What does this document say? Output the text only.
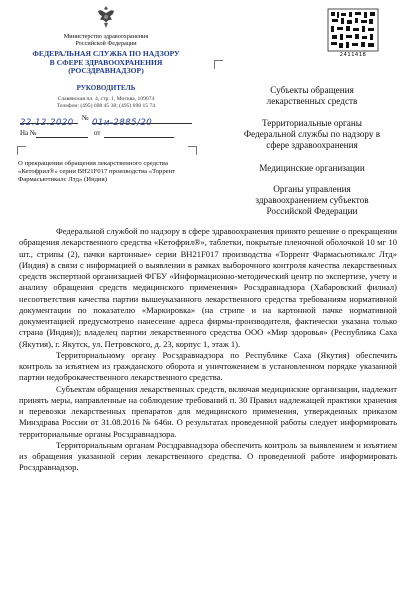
Министерство здравоохранения
Российской Федерации
ФЕДЕРАЛЬНАЯ СЛУЖБА ПО НАДЗОРУ
В СФЕРЕ ЗДРАВООХРАНЕНИЯ
(РОСЗДРАВНАДЗОР)
РУКОВОДИТЕЛЬ
Славянская пл. 4, стр. 1, Москва, 109074
Телефон: (495) 698 45 38; (495) 698 15 74
22.12.2020	№ 01и-2885/20
На №	от
О прекращении обращения лекарственного средства «Кетофрил®» серии BH21F017 производства «Торрент Фармасьютикалс Лтд» (Индия)
2411418
Субъекты обращения
лекарственных средств
Территориальные органы
Федеральной службы по надзору в
сфере здравоохранения
Медицинские организации
Органы управления
здравоохранением субъектов
Российской Федерации

Федеральной службой по надзору в сфере здравоохранения принято решение о прекращении обращения лекарственного средства «Кетофрил®», таблетки, покрытые пленочной оболочкой 10 мг 10 шт., стрипы (2), пачки картонные» серии BH21F017 производства «Торрент Фармасьютикалс Лтд» (Индия) в связи с информацией о выявлении в рамках выборочного контроля качества лекарственных средств экспертной организацией ФГБУ «Информационно-методический центр по экспертизе, учету и анализу обращения средств медицинского применения» Росздравнадзора (Хабаровский филиал) несоответствия качества партии вышеуказанного лекарственного средства требованиям нормативной документации по показателю «Маркировка» (на стрипе и на картонной пачке нормативной документацией предусмотрено нанесение адреса фирмы-производителя, фактически указана только страна (Индия)); владелец партии лекарственного средства ООО «Мир здоровья» (Республика Саха (Якутия), г. Якутск, ул. Петровского, д. 23, корпус 1, этаж 1).

Территориальному органу Росздравнадзора по Республике Саха (Якутия) обеспечить контроль за изъятием из гражданского оборота и уничтожением в установленном порядке указанной партии недоброкачественного лекарственного средства.

Субъектам обращения лекарственных средств, включая медицинские организации, надлежит принять меры, направленные на соблюдение требований п. 30 Правил надлежащей практики хранения и перевозки лекарственных препаратов для медицинского применения, утвержденных приказом Минздрава России от 31.08.2016 № 646н. О результатах проведенной работы следует информировать территориальные органы Росздравнадзора.

Территориальным органам Росздравнадзора обеспечить контроль за выявлением и изъятием из обращения указанной серии лекарственного средства. О проведенной работе информировать Росздравнадзор.
